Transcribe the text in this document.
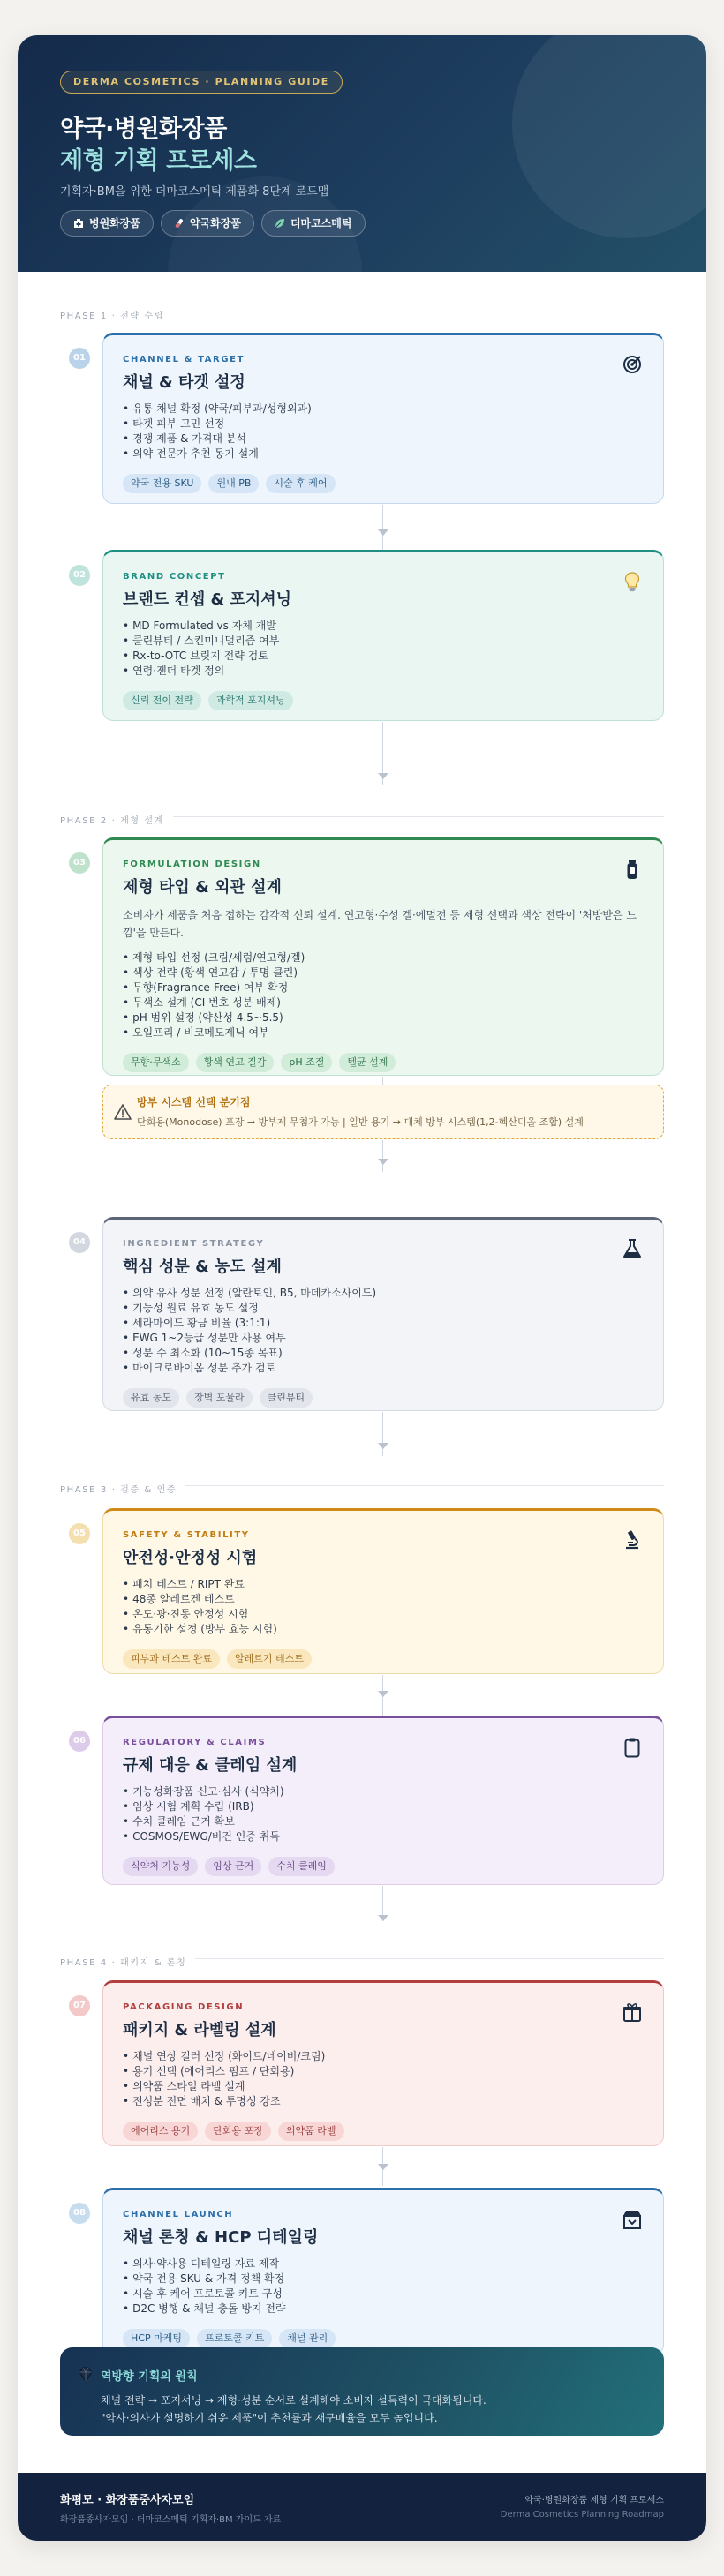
DERMA COSMETICS · PLANNING GUIDE
약국·병원화장품
제형 기획 프로세스
기획자·BM을 위한 더마코스메틱 제품화 8단계 로드맵
병원화장품	약국화장품	더마코스메틱
PHASE 1 · 전략 수립
01	CHANNEL & TARGET
채널 & 타겟 설정
• 유통 채널 확정 (약국/피부과/성형외과)
• 타겟 피부 고민 선정
• 경쟁 제품 & 가격대 분석
• 의약 전문가 추천 동기 설계
약국 전용 SKU	원내 PB	시술 후 케어
02	BRAND CONCEPT
브랜드 컨셉 & 포지셔닝
• MD Formulated vs 자체 개발
• 클린뷰티 / 스킨미니멀리즘 여부
• Rx-to-OTC 브릿지 전략 검토
• 연령·젠더 타겟 정의
신뢰 전이 전략	과학적 포지셔닝
PHASE 2 · 제형 설계
03	FORMULATION DESIGN
제형 타입 & 외관 설계
소비자가 제품을 처음 접하는 감각적 신뢰 설계. 연고형·수성 겔·에멀전 등 제형 선택과 색상 전략이 '처방받은 느낌'을 만든다.
• 제형 타입 선정 (크림/세럼/연고형/겔)
• 색상 전략 (황색 연고감 / 투명 클린)
• 무향(Fragrance-Free) 여부 확정
• 무색소 설계 (CI 번호 성분 배제)
• pH 범위 설정 (약산성 4.5~5.5)
• 오일프리 / 비코메도제닉 여부
무향·무색소	황색 연고 질감	pH 조절	텔균 설계
방부 시스템 선택 분기점
단회용(Monodose) 포장 → 방부제 무첨가 가능 | 일반 용기 → 대체 방부 시스템(1,2-헥산디올 조합) 설계
04	INGREDIENT STRATEGY
핵심 성분 & 농도 설계
• 의약 유사 성분 선정 (알란토인, B5, 마데카소사이드)
• 기능성 원료 유효 농도 설정
• 세라마이드 황금 비율 (3:1:1)
• EWG 1~2등급 성분만 사용 여부
• 성분 수 최소화 (10~15종 목표)
• 마이크로바이옴 성분 추가 검토
유효 농도	장벽 포뮬라	클린뷰티
PHASE 3 · 검증 & 인증
05	SAFETY & STABILITY
안전성·안정성 시험
• 패치 테스트 / RIPT 완료
• 48종 알레르겐 테스트
• 온도·광·진동 안정성 시험
• 유통기한 설정 (방부 효능 시험)
피부과 테스트 완료	알레르기 테스트
06	REGULATORY & CLAIMS
규제 대응 & 클레임 설계
• 기능성화장품 신고·심사 (식약처)
• 임상 시험 계획 수립 (IRB)
• 수치 클레임 근거 확보
• COSMOS/EWG/비건 인증 취득
식약처 기능성	임상 근거	수치 클레임
PHASE 4 · 패키지 & 론칭
07	PACKAGING DESIGN
패키지 & 라벨링 설계
• 채널 연상 컬러 선정 (화이트/네이비/크림)
• 용기 선택 (에어리스 펌프 / 단회용)
• 의약품 스타일 라벨 설계
• 전성분 전면 배치 & 투명성 강조
에어리스 용기	단회용 포장	의약품 라벨
08	CHANNEL LAUNCH
채널 론칭 & HCP 디테일링
• 의사·약사용 디테일링 자료 제작
• 약국 전용 SKU & 가격 정책 확정
• 시술 후 케어 프로토콜 키트 구성
• D2C 병행 & 채널 충돌 방지 전략
HCP 마케팅	프로토콜 키트	채널 관리
역방향 기획의 원칙
채널 전략 → 포지셔닝 → 제형·성분 순서로 설계해야 소비자 설득력이 극대화됩니다.
"약사·의사가 설명하기 쉬운 제품"이 추천률과 재구매율을 모두 높입니다.
화평모 · 화장품중사자모임
화장품종사자모임 · 더마코스메틱 기획자·BM 가이드 자료
약국·병원화장품 제형 기획 프로세스
Derma Cosmetics Planning Roadmap
